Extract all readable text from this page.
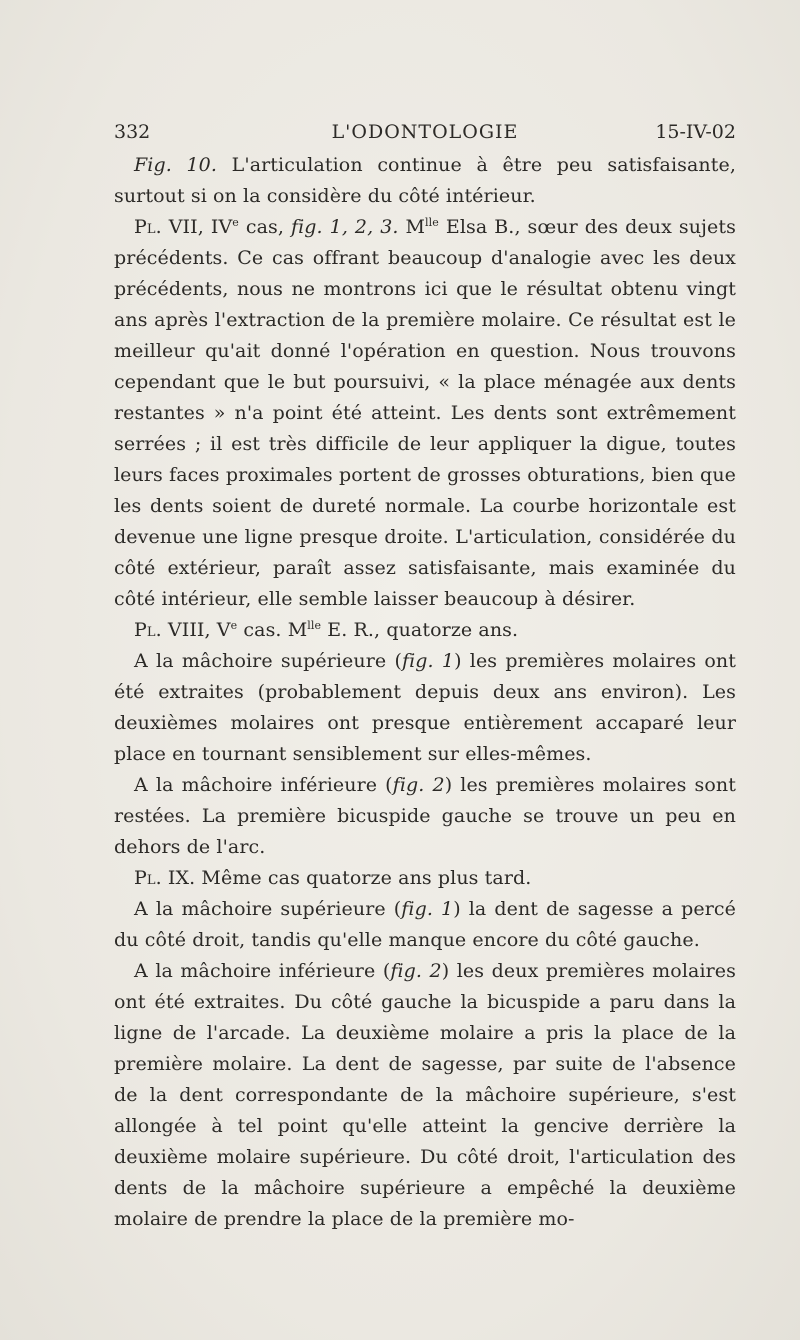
332	L'ODONTOLOGIE	15-IV-02

Fig. 10. L'articulation continue à être peu satisfaisante, surtout si on la considère du côté intérieur.

Pl. VII, IVe cas, fig. 1, 2, 3. $M^{lle}$ Elsa B., sœur des deux sujets précédents. Ce cas offrant beaucoup d'analogie avec les deux précédents, nous ne montrons ici que le résultat obtenu vingt ans après l'extraction de la première molaire. Ce résultat est le meilleur qu'ait donné l'opération en question. Nous trouvons cependant que le but poursuivi, « la place ménagée aux dents restantes » n'a point été atteint. Les dents sont extrêmement serrées ; il est très difficile de leur appliquer la digue, toutes leurs faces proximales portent de grosses obturations, bien que les dents soient de dureté normale. La courbe horizontale est devenue une ligne presque droite. L'articulation, considérée du côté extérieur, paraît assez satisfaisante, mais examinée du côté intérieur, elle semble laisser beaucoup à désirer.

Pl. VIII, Ve cas. $M^{lle}$ E. R., quatorze ans.

A la mâchoire supérieure (fig. 1) les premières molaires ont été extraites (probablement depuis deux ans environ). Les deuxièmes molaires ont presque entièrement accaparé leur place en tournant sensiblement sur elles-mêmes.

A la mâchoire inférieure (fig. 2) les premières molaires sont restées. La première bicuspide gauche se trouve un peu en dehors de l'arc.

Pl. IX. Même cas quatorze ans plus tard.

A la mâchoire supérieure (fig. 1) la dent de sagesse a percé du côté droit, tandis qu'elle manque encore du côté gauche.

A la mâchoire inférieure (fig. 2) les deux premières molaires ont été extraites. Du côté gauche la bicuspide a paru dans la ligne de l'arcade. La deuxième molaire a pris la place de la première molaire. La dent de sagesse, par suite de l'absence de la dent correspondante de la mâchoire supérieure, s'est allongée à tel point qu'elle atteint la gencive derrière la deuxième molaire supérieure. Du côté droit, l'articulation des dents de la mâchoire supérieure a empêché la deuxième molaire de prendre la place de la première mo-
